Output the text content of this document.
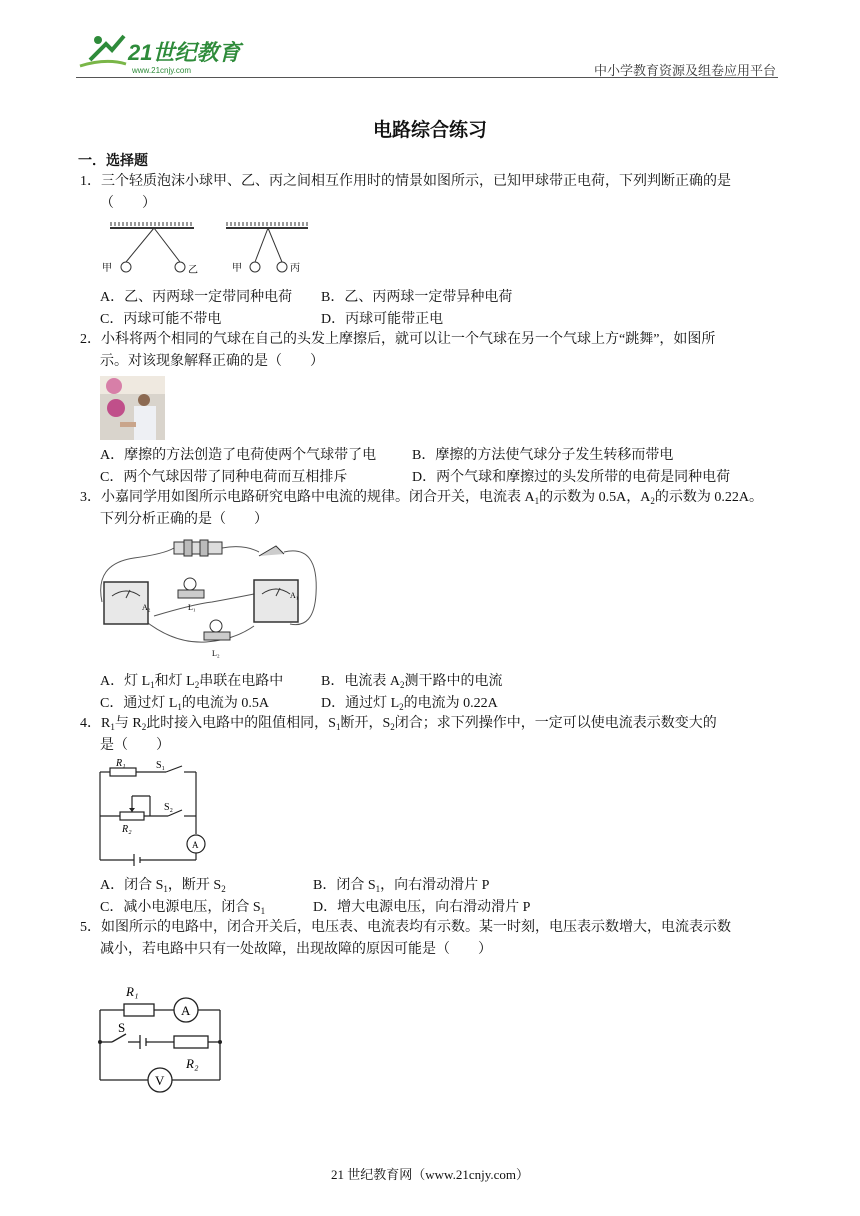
21世纪教育
www.21cnjy.com	中小学教育资源及组卷应用平台
电路综合练习
一．选择题
1．三个轻质泡沫小球甲、乙、丙之间相互作用时的情景如图所示，已知甲球带正电荷，下列判断正确的是
（　　）
甲	乙	甲	丙
A．乙、丙两球一定带同种电荷 B．乙、丙两球一定带异种电荷
C．丙球可能不带电	D．丙球可能带正电
2．小科将两个相同的气球在自己的头发上摩擦后，就可以让一个气球在另一个气球上方“跳舞”，如图所
示。对该现象解释正确的是（　　）
A．摩擦的方法创造了电荷使两个气球带了电	B．摩擦的方法使气球分子发生转移而带电
C．两个气球因带了同种电荷而互相排斥	D．两个气球和摩擦过的头发所带的电荷是同种电荷
3．小嘉同学用如图所示电路研究电路中电流的规律。闭合开关，电流表 $A_1$的示数为 0.5A，$A_2$的示数为 0.22A。
下列分析正确的是（　　）
A₂	L₁
A₁
L₂
A．灯 $L_1$和灯 $L_2$串联在电路中	B．电流表 $A_2$测干路中的电流
C．通过灯 $L_1$的电流为 0.5A	D．通过灯 $L_2$的电流为 0.22A
4．$R_1$与 $R_2$此时接入电路中的阻值相同，$S_1$断开，$S_2$闭合；求下列操作中，一定可以使电流表示数变大的
是（　　）
R₁	S₁
S₂
R₂
A
A．闭合 $S_1$，断开 $S_2$	B．闭合 $S_1$，向右滑动滑片 P
C．减小电源电压，闭合 $S_1$	D．增大电源电压，向右滑动滑片 P
5．如图所示的电路中，闭合开关后，电压表、电流表均有示数。某一时刻，电压表示数增大，电流表示数
减小，若电路中只有一处故障，出现故障的原因可能是（　　）
R₁
A
S
R₂
V
21 世纪教育网（www.21cnjy.com）
